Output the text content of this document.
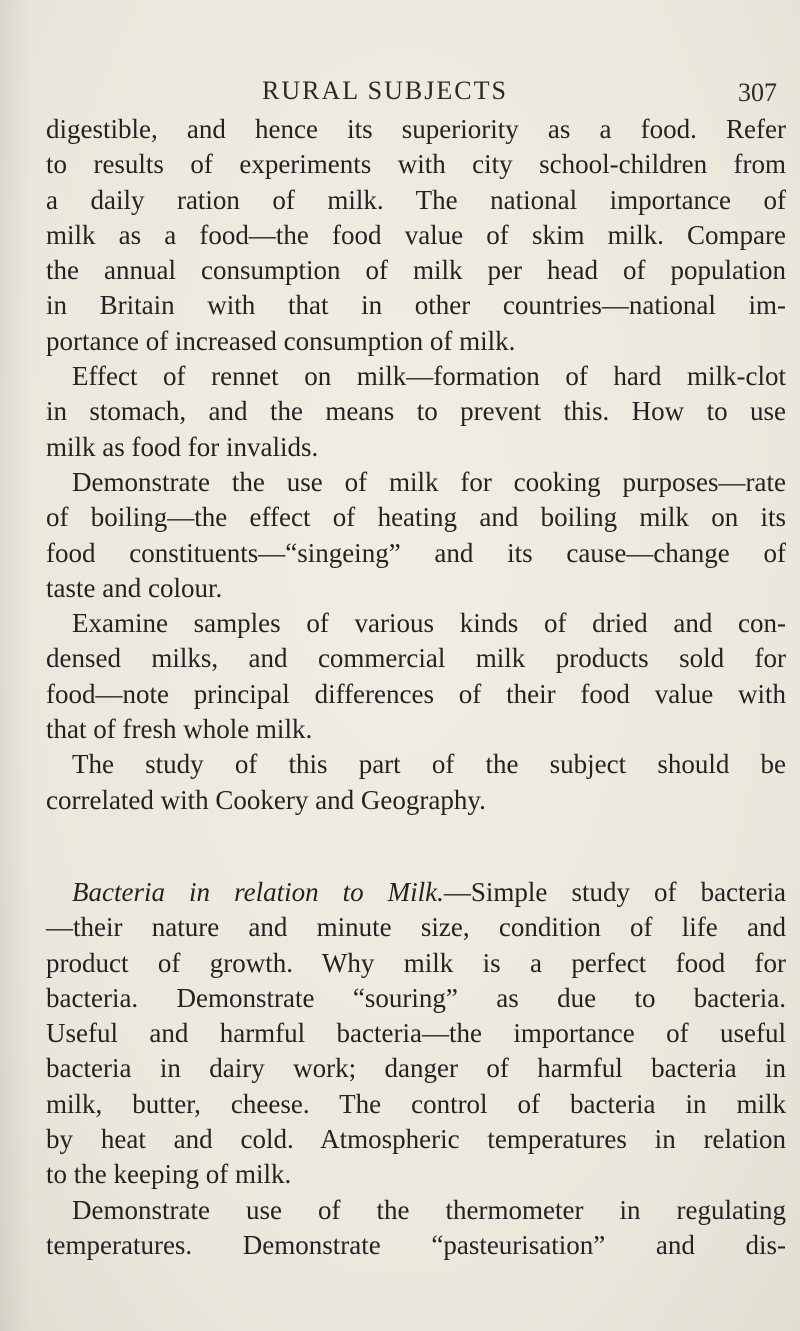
RURAL SUBJECTS	307
digestible, and hence its superiority as a food. Refer
to results of experiments with city school-children from
a daily ration of milk. The national importance of
milk as a food—the food value of skim milk. Compare
the annual consumption of milk per head of population
in Britain with that in other countries—national im-
portance of increased consumption of milk.
Effect of rennet on milk—formation of hard milk-clot
in stomach, and the means to prevent this. How to use
milk as food for invalids.
Demonstrate the use of milk for cooking purposes—rate
of boiling—the effect of heating and boiling milk on its
food constituents—“singeing” and its cause—change of
taste and colour.
Examine samples of various kinds of dried and con-
densed milks, and commercial milk products sold for
food—note principal differences of their food value with
that of fresh whole milk.
The study of this part of the subject should be
correlated with Cookery and Geography.
Bacteria in relation to Milk.—Simple study of bacteria
—their nature and minute size, condition of life and
product of growth. Why milk is a perfect food for
bacteria. Demonstrate “souring” as due to bacteria.
Useful and harmful bacteria—the importance of useful
bacteria in dairy work; danger of harmful bacteria in
milk, butter, cheese. The control of bacteria in milk
by heat and cold. Atmospheric temperatures in relation
to the keeping of milk.
Demonstrate use of the thermometer in regulating
temperatures. Demonstrate “pasteurisation” and dis-
